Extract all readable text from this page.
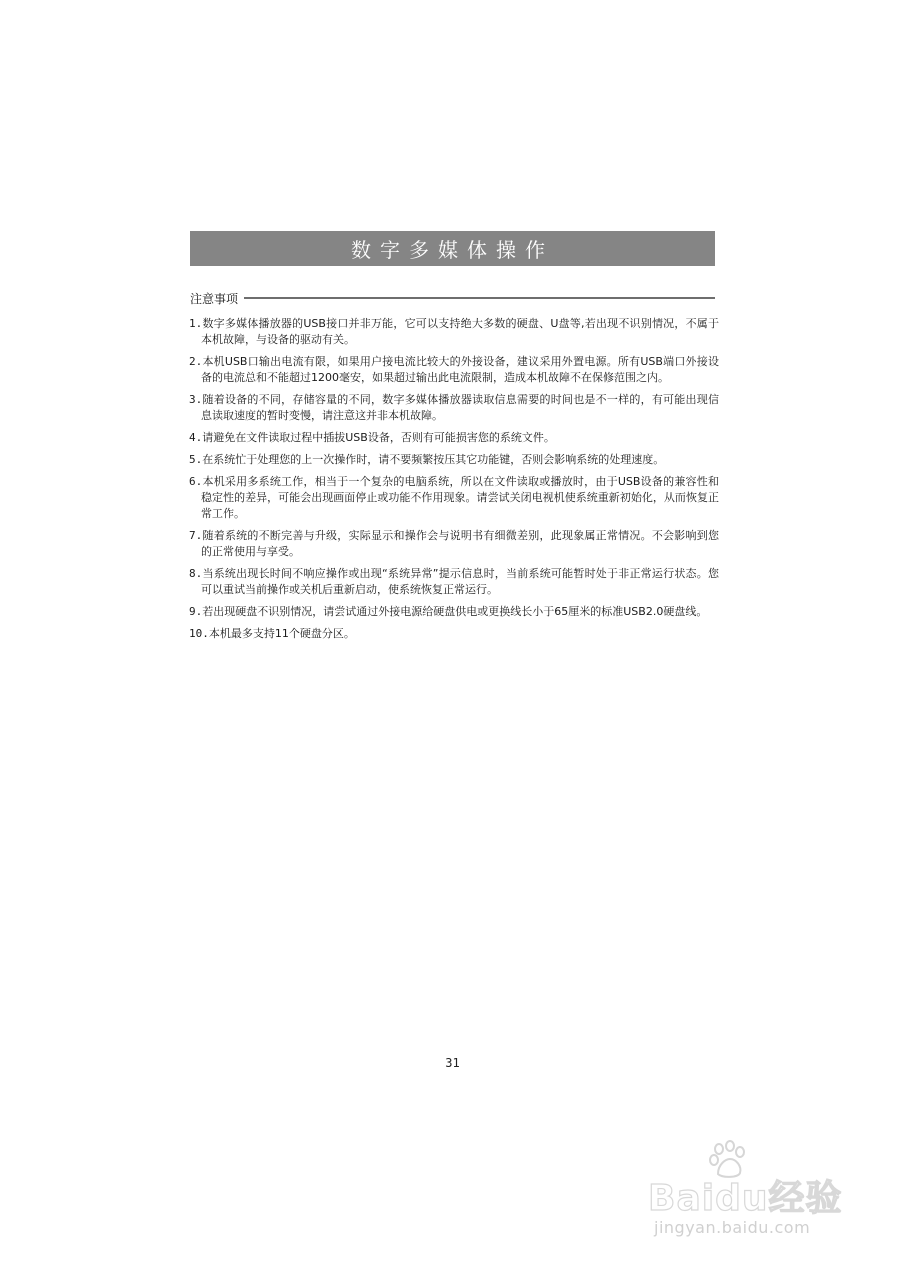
数字多媒体操作
注意事项
1.数字多媒体播放器的USB接口并非万能，它可以支持绝大多数的硬盘、U盘等,若出现不识别情况，不属于本机故障，与设备的驱动有关。
2.本机USB口输出电流有限，如果用户接电流比较大的外接设备，建议采用外置电源。所有USB端口外接设备的电流总和不能超过1200毫安，如果超过输出此电流限制，造成本机故障不在保修范围之内。
3.随着设备的不同，存储容量的不同，数字多媒体播放器读取信息需要的时间也是不一样的，有可能出现信息读取速度的暂时变慢，请注意这并非本机故障。
4.请避免在文件读取过程中插拔USB设备，否则有可能损害您的系统文件。
5.在系统忙于处理您的上一次操作时，请不要频繁按压其它功能键，否则会影响系统的处理速度。
6.本机采用多系统工作，相当于一个复杂的电脑系统，所以在文件读取或播放时，由于USB设备的兼容性和稳定性的差异，可能会出现画面停止或功能不作用现象。请尝试关闭电视机使系统重新初始化，从而恢复正常工作。
7.随着系统的不断完善与升级，实际显示和操作会与说明书有细微差别，此现象属正常情况。不会影响到您的正常使用与享受。
8.当系统出现长时间不响应操作或出现“系统异常”提示信息时，当前系统可能暂时处于非正常运行状态。您可以重试当前操作或关机后重新启动，使系统恢复正常运行。
9.若出现硬盘不识别情况，请尝试通过外接电源给硬盘供电或更换线长小于65厘米的标准USB2.0硬盘线。
10.本机最多支持11个硬盘分区。
31
Baidu经验
jingyan.baidu.com
